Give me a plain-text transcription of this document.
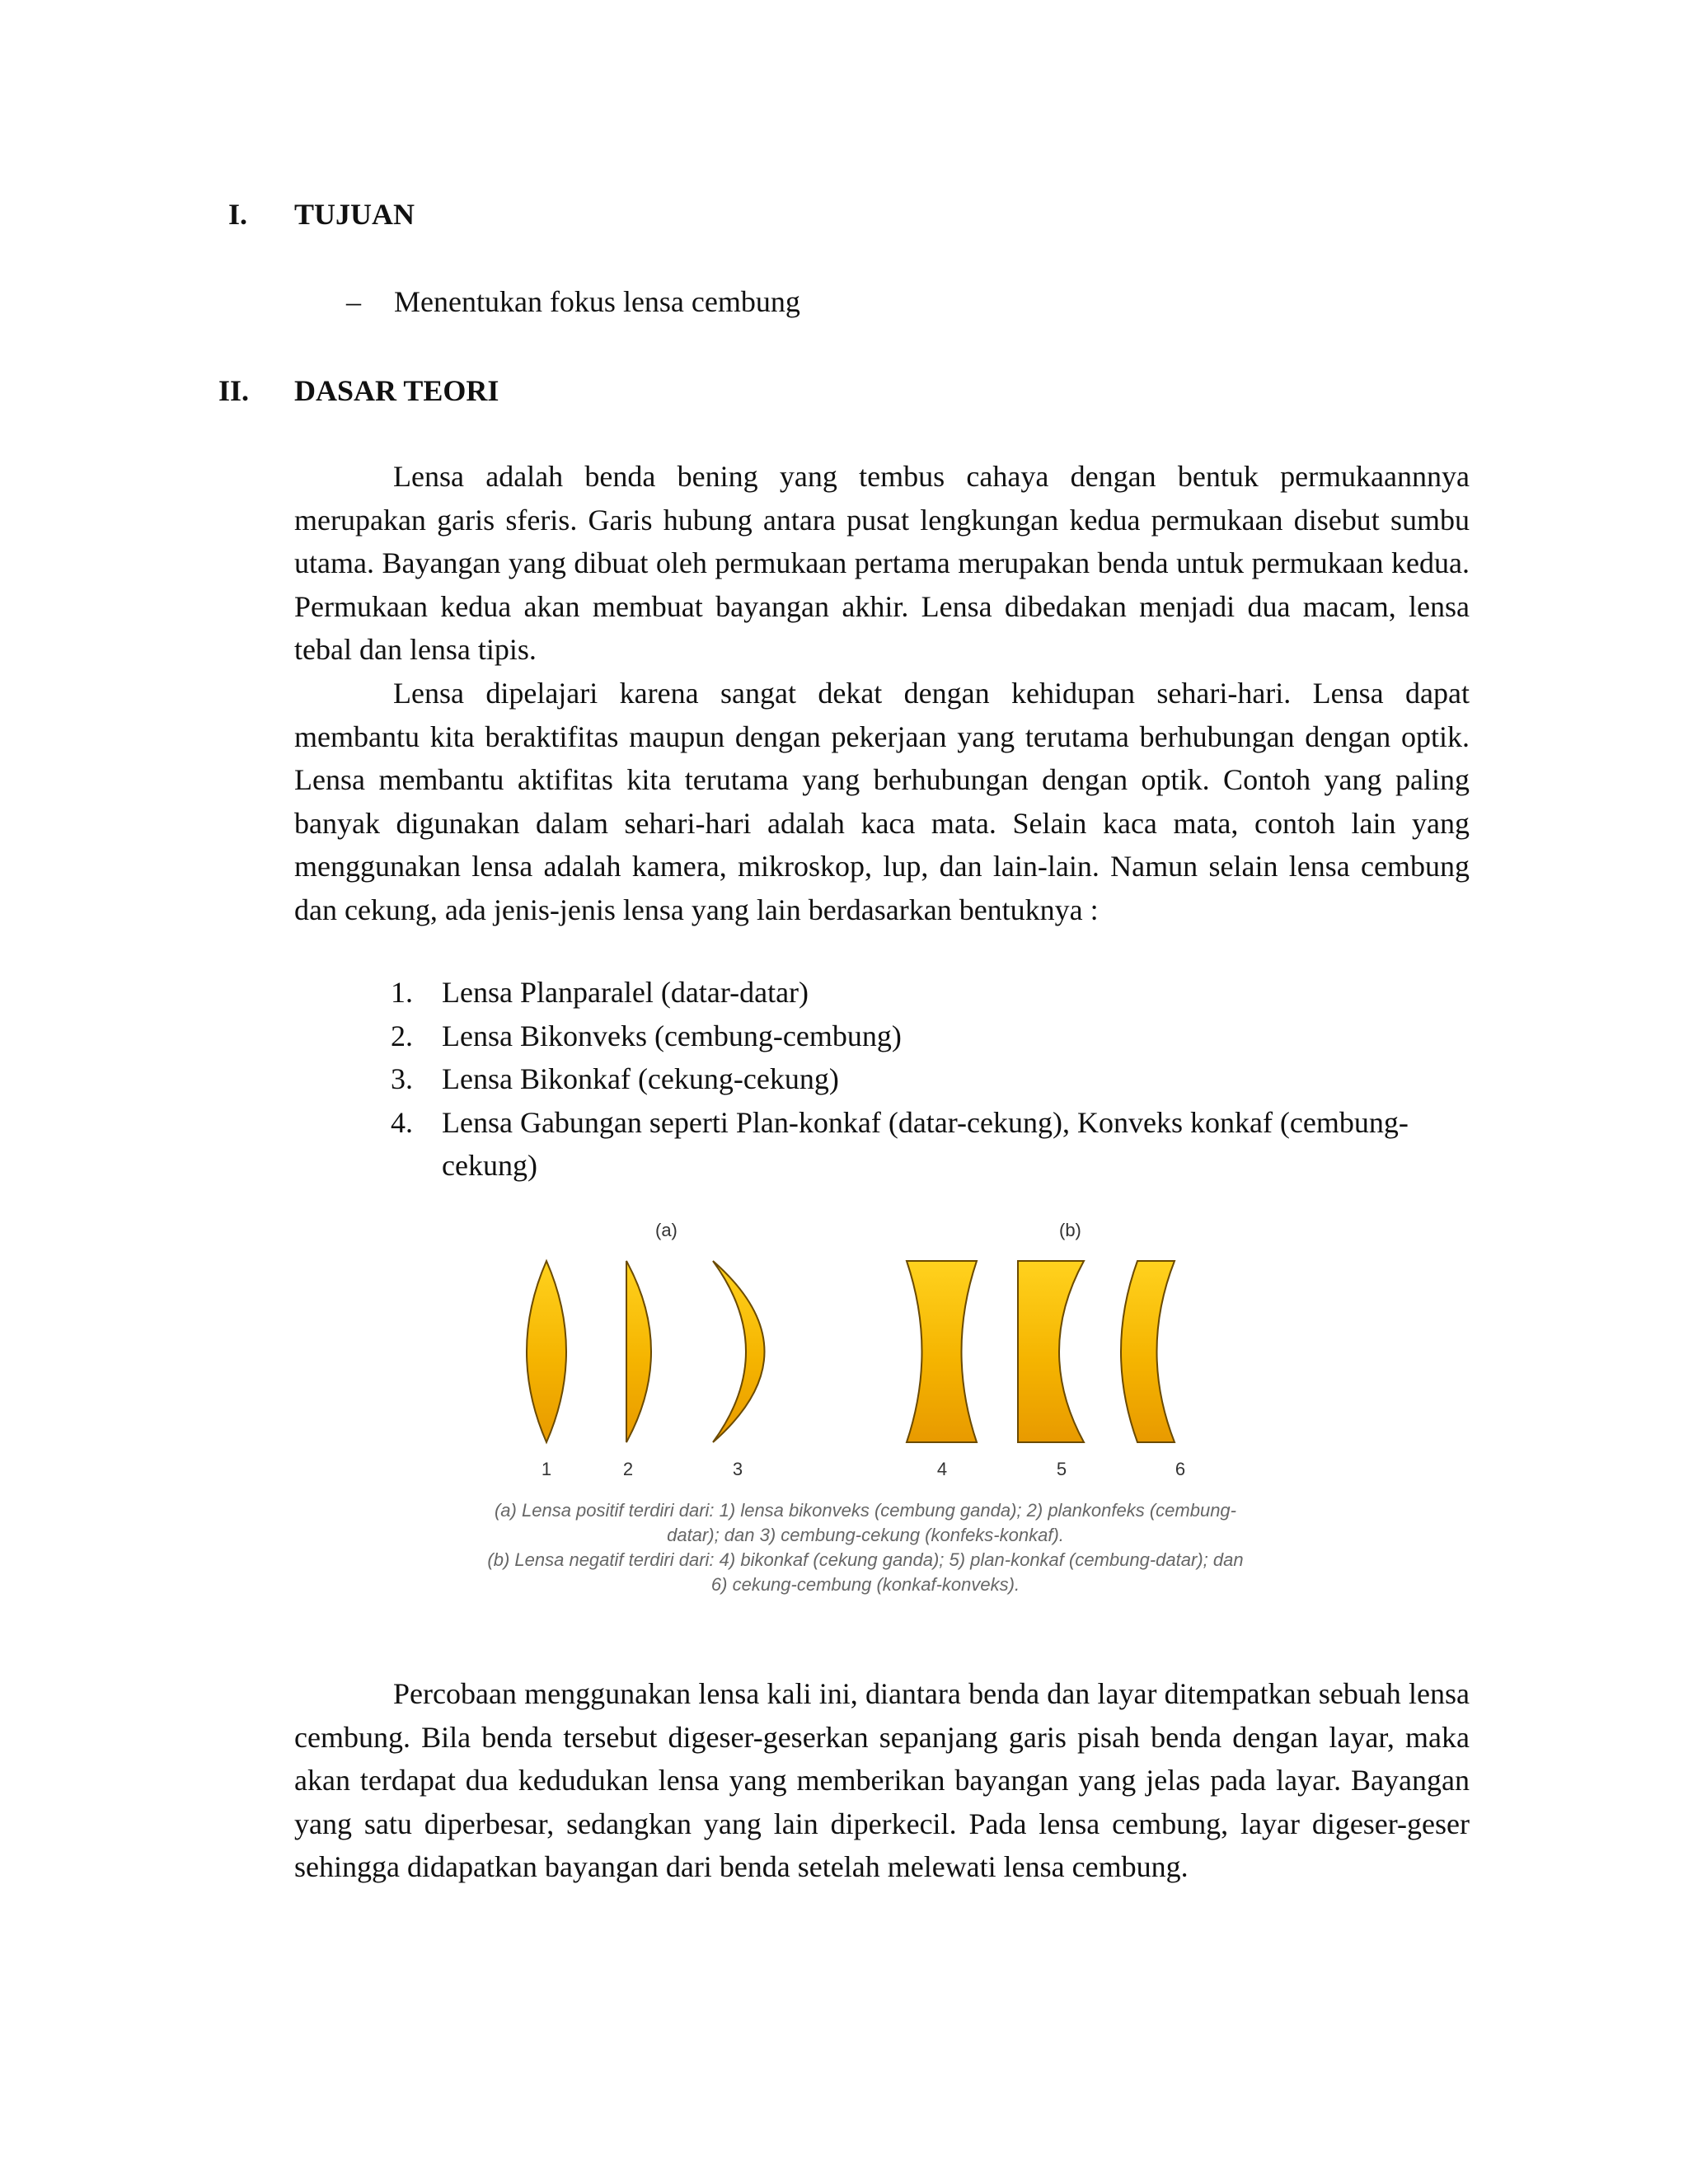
I.	TUJUAN
– Menentukan fokus lensa cembung
II.	DASAR TEORI

Lensa adalah benda bening yang tembus cahaya dengan bentuk permukaannnya merupakan garis sferis. Garis hubung antara pusat lengkungan kedua permukaan disebut sumbu utama. Bayangan yang dibuat oleh permukaan pertama merupakan benda untuk permukaan kedua. Permukaan kedua akan membuat bayangan akhir. Lensa dibedakan menjadi dua macam, lensa tebal dan lensa tipis.

Lensa dipelajari karena sangat dekat dengan kehidupan sehari-hari. Lensa dapat membantu kita beraktifitas maupun dengan pekerjaan yang terutama berhubungan dengan optik. Lensa membantu aktifitas kita terutama yang berhubungan dengan optik. Contoh yang paling banyak digunakan dalam sehari-hari adalah kaca mata. Selain kaca mata, contoh lain yang menggunakan lensa adalah kamera, mikroskop, lup, dan lain-lain. Namun selain lensa cembung dan cekung, ada jenis-jenis lensa yang lain berdasarkan bentuknya :

1. Lensa Planparalel (datar-datar)
2. Lensa Bikonveks (cembung-cembung)
3. Lensa Bikonkaf (cekung-cekung)
4. Lensa Gabungan seperti Plan-konkaf (datar-cekung), Konveks konkaf (cembung-cekung)
(a)	(b)
1	2	3	4	5	6

(a) Lensa positif terdiri dari: 1) lensa bikonveks (cembung ganda); 2) plankonfeks (cembung-

datar); dan 3) cembung-cekung (konfeks-konkaf).

(b) Lensa negatif terdiri dari: 4) bikonkaf (cekung ganda); 5) plan-konkaf (cembung-datar); dan

6) cekung-cembung (konkaf-konveks).

Percobaan menggunakan lensa kali ini, diantara benda dan layar ditempatkan sebuah lensa cembung. Bila benda tersebut digeser-geserkan sepanjang garis pisah benda dengan layar, maka akan terdapat dua kedudukan lensa yang memberikan bayangan yang jelas pada layar. Bayangan yang satu diperbesar, sedangkan yang lain diperkecil. Pada lensa cembung, layar digeser-geser sehingga didapatkan bayangan dari benda setelah melewati lensa cembung.
